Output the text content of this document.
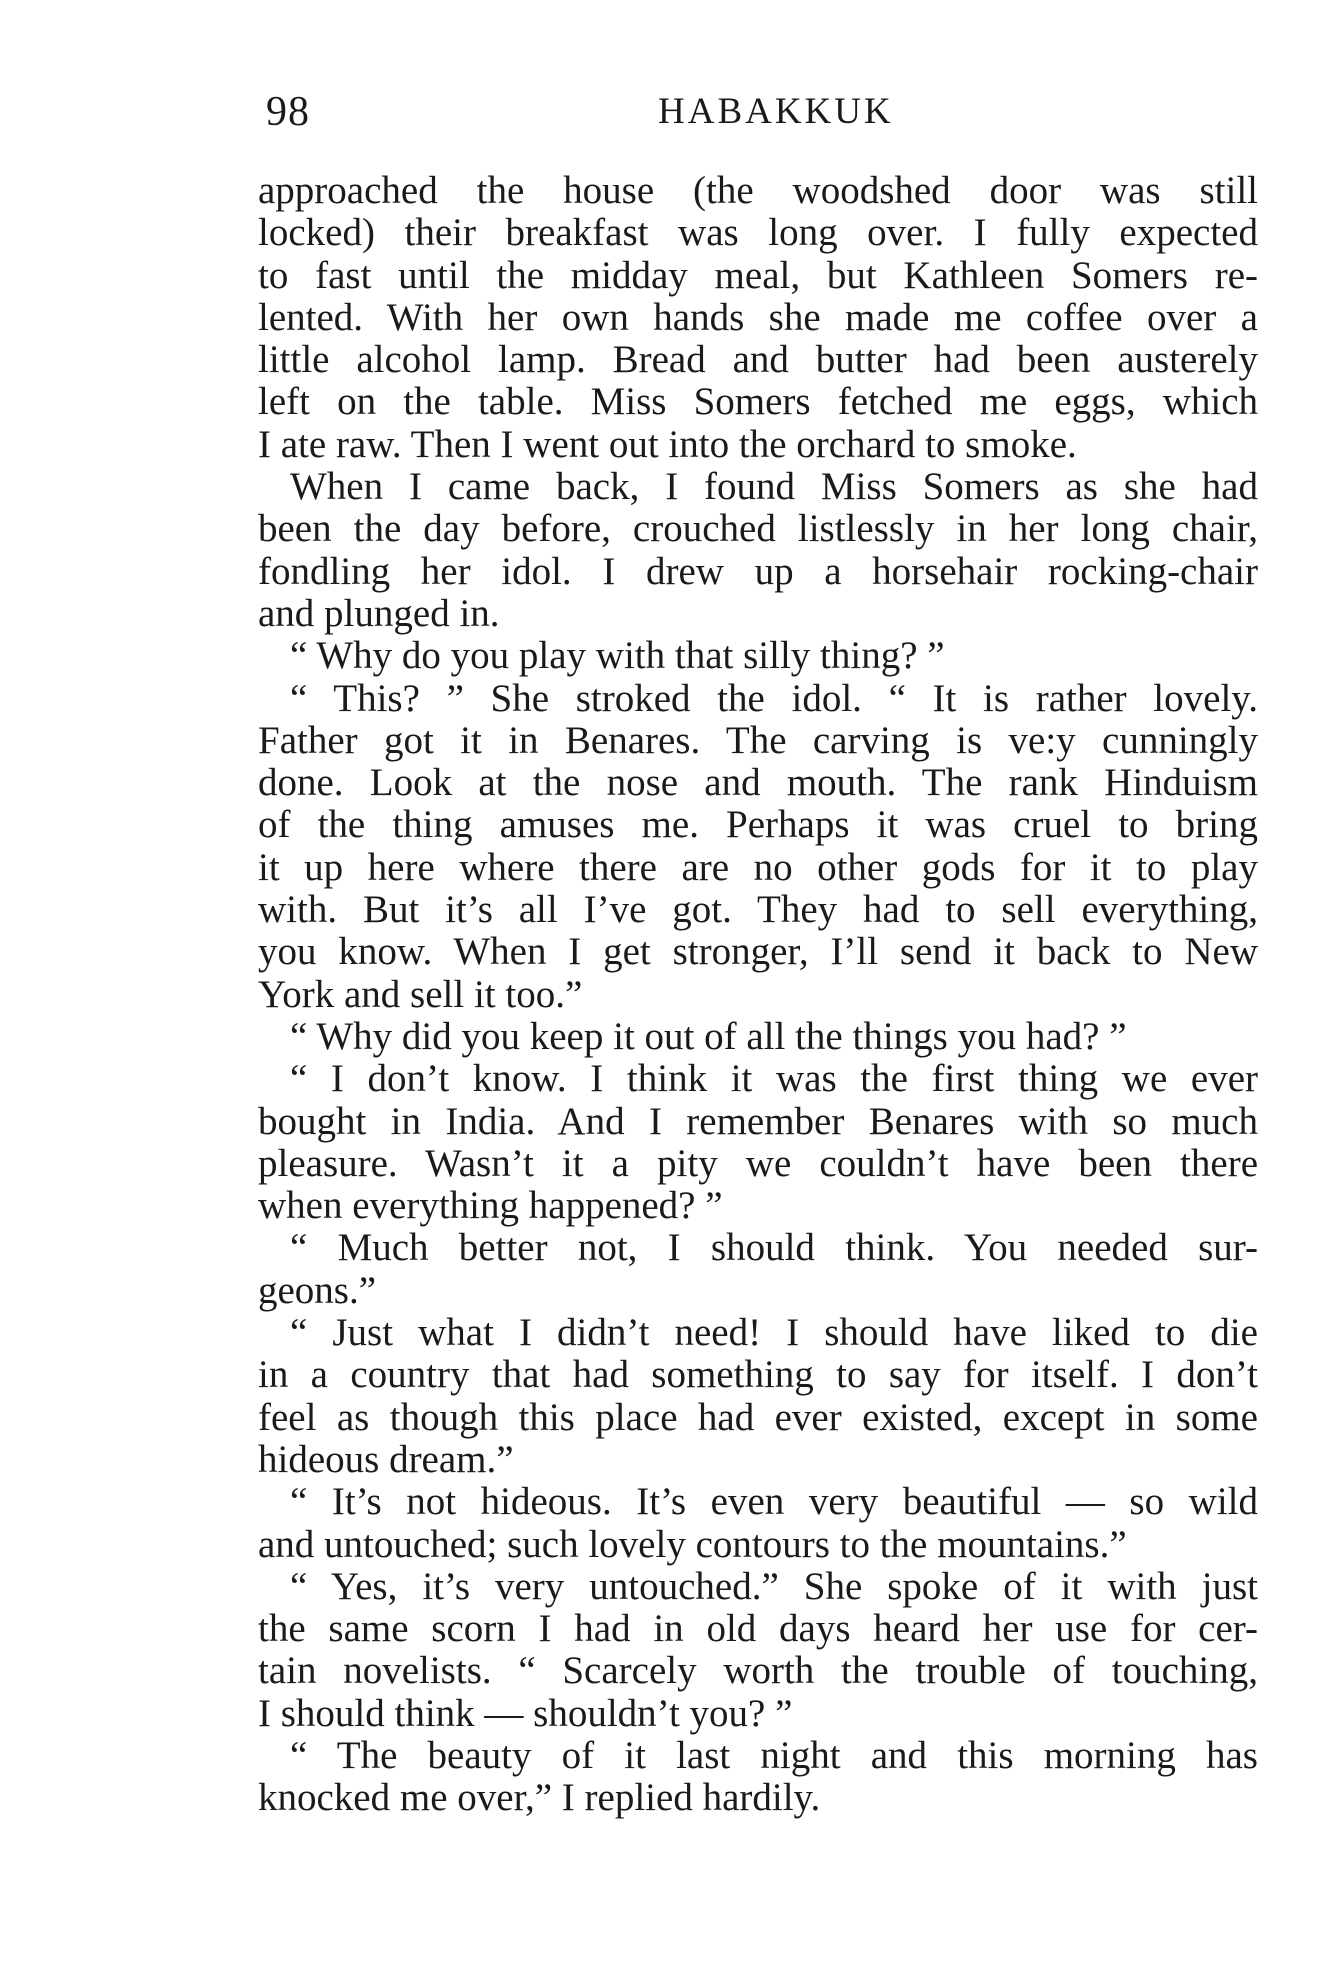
98	HABAKKUK
approached the house (the woodshed door was still
locked) their breakfast was long over. I fully expected
to fast until the midday meal, but Kathleen Somers re-
lented. With her own hands she made me coffee over a
little alcohol lamp. Bread and butter had been austerely
left on the table. Miss Somers fetched me eggs, which
I ate raw. Then I went out into the orchard to smoke.
When I came back, I found Miss Somers as she had
been the day before, crouched listlessly in her long chair,
fondling her idol. I drew up a horsehair rocking-chair
and plunged in.
“ Why do you play with that silly thing? ”
“ This? ” She stroked the idol. “ It is rather lovely.
Father got it in Benares. The carving is ve:y cunningly
done. Look at the nose and mouth. The rank Hinduism
of the thing amuses me. Perhaps it was cruel to bring
it up here where there are no other gods for it to play
with. But it’s all I’ve got. They had to sell everything,
you know. When I get stronger, I’ll send it back to New
York and sell it too.”
“ Why did you keep it out of all the things you had? ”
“ I don’t know. I think it was the first thing we ever
bought in India. And I remember Benares with so much
pleasure. Wasn’t it a pity we couldn’t have been there
when everything happened? ”
“ Much better not, I should think. You needed sur-
geons.”
“ Just what I didn’t need! I should have liked to die
in a country that had something to say for itself. I don’t
feel as though this place had ever existed, except in some
hideous dream.”
“ It’s not hideous. It’s even very beautiful — so wild
and untouched; such lovely contours to the mountains.”
“ Yes, it’s very untouched.” She spoke of it with just
the same scorn I had in old days heard her use for cer-
tain novelists. “ Scarcely worth the trouble of touching,
I should think — shouldn’t you? ”
“ The beauty of it last night and this morning has
knocked me over,” I replied hardily.
